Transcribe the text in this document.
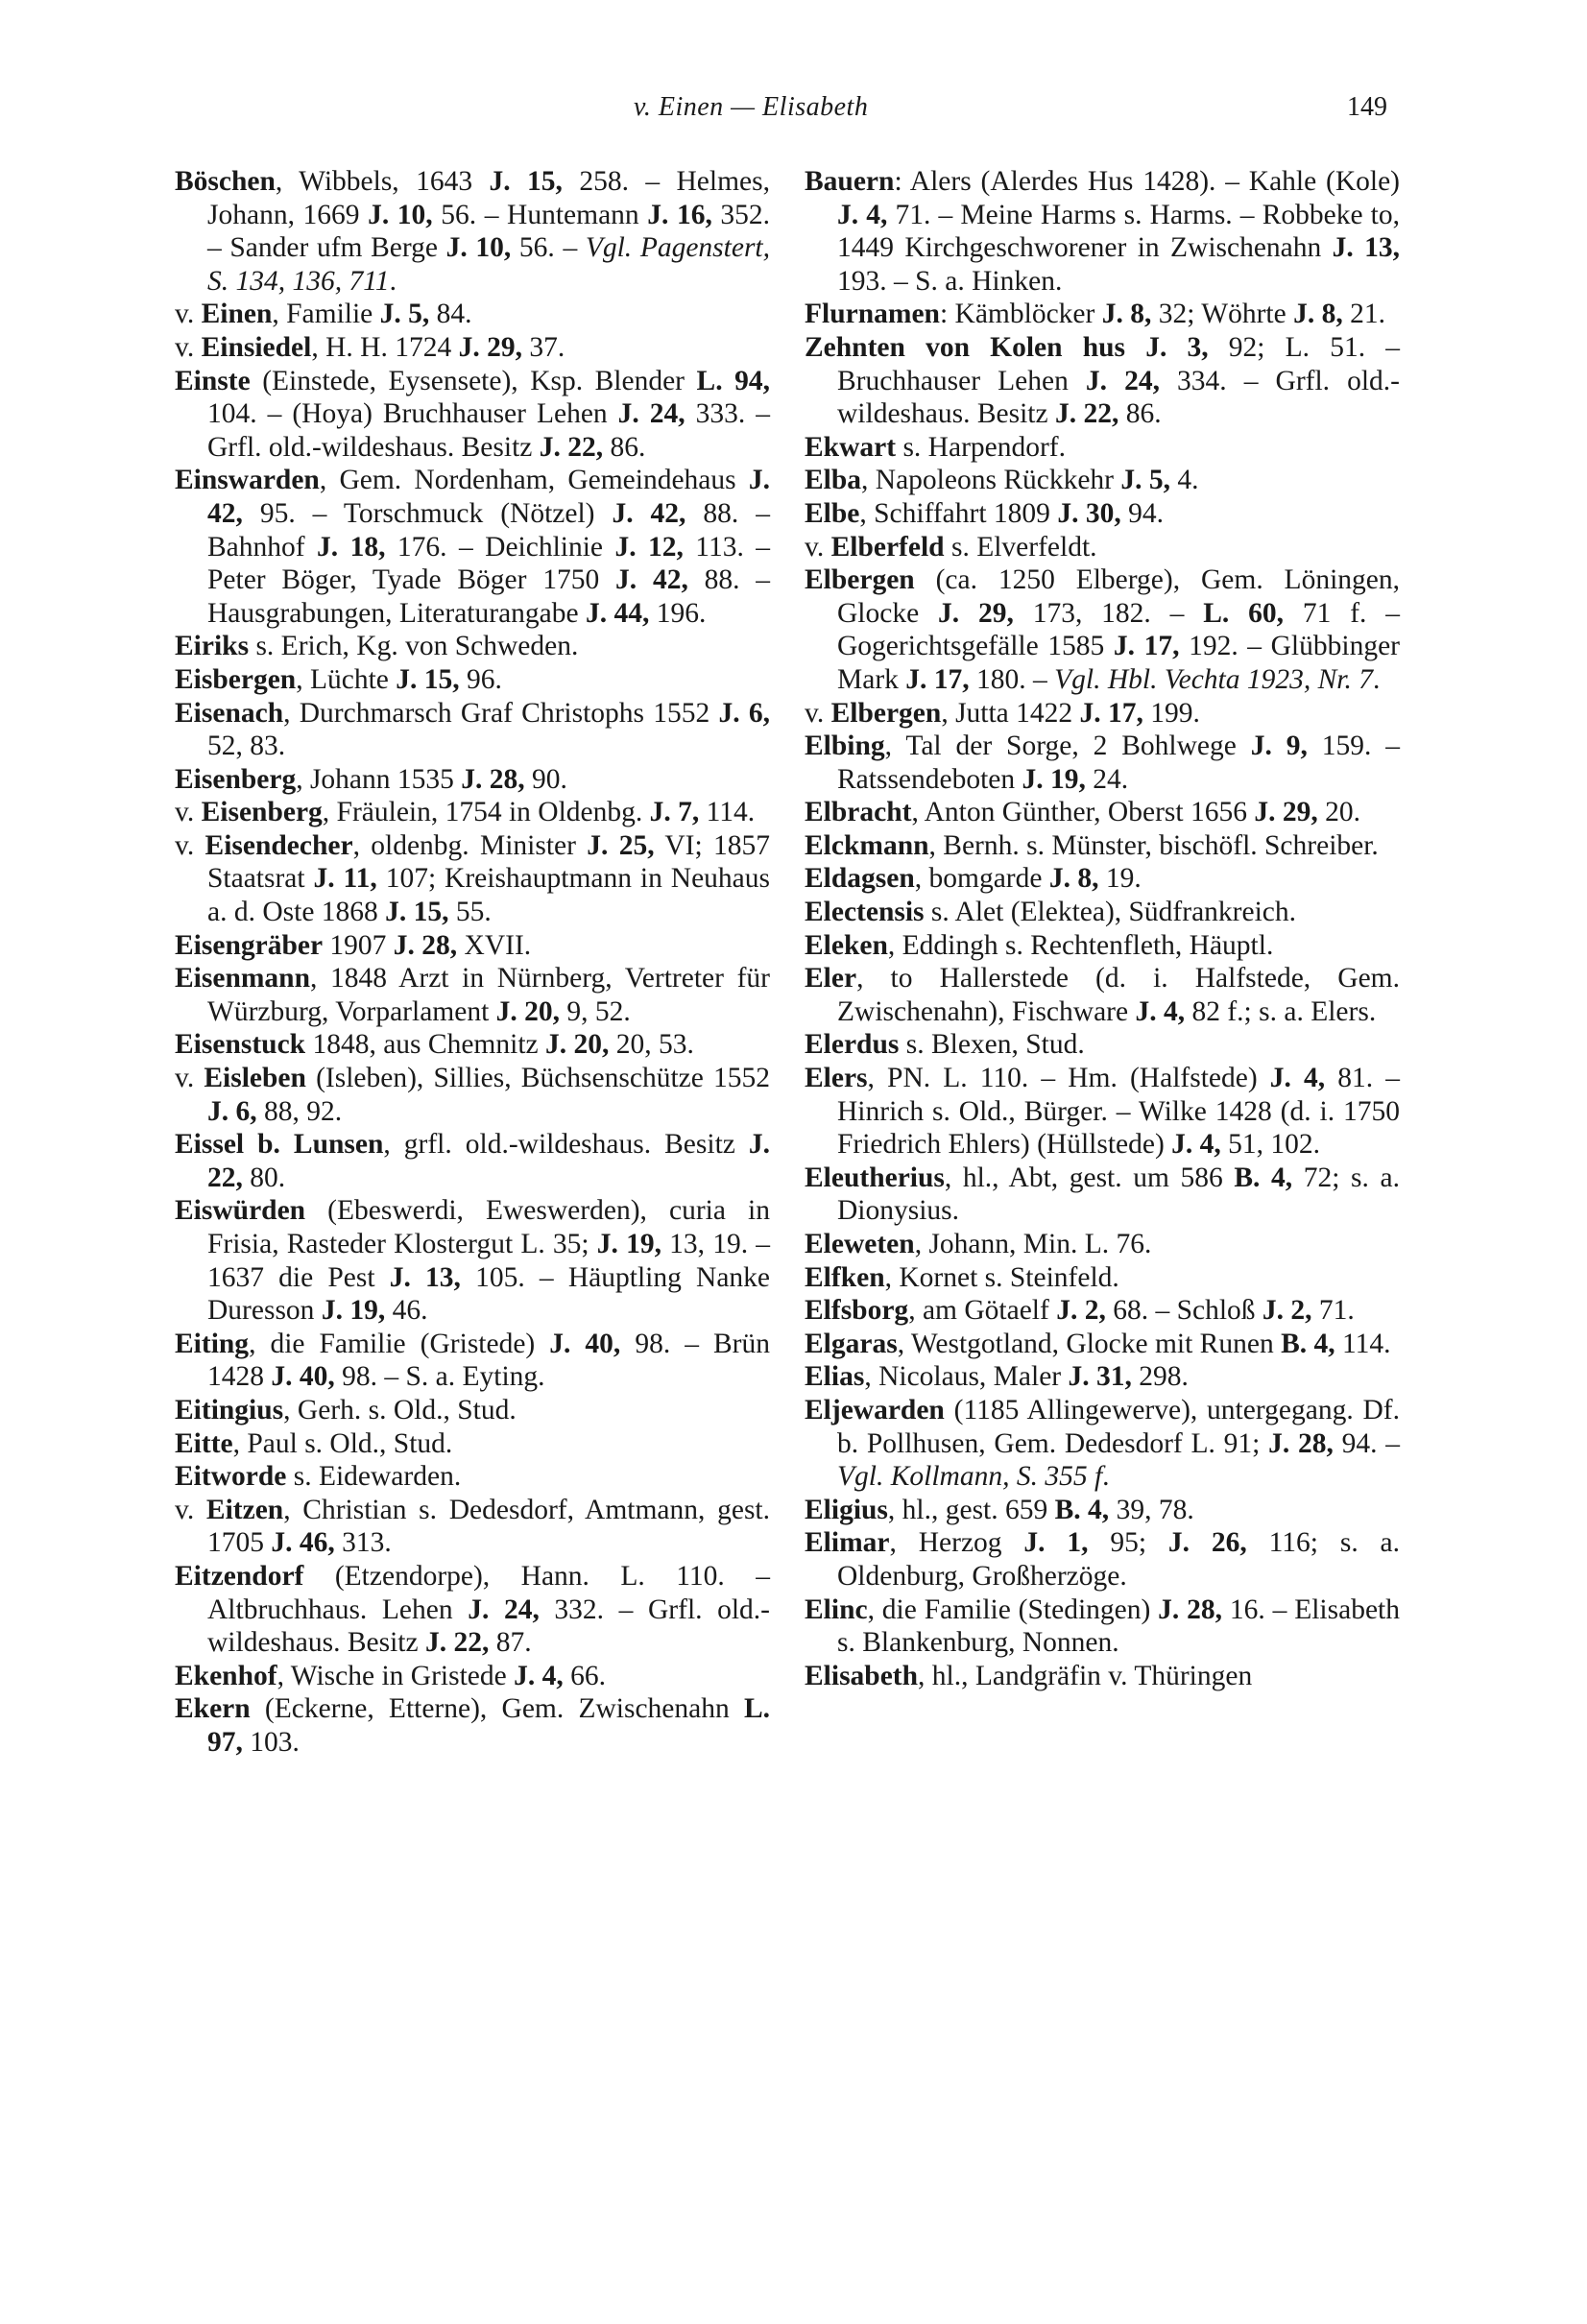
v. Einen — Elisabeth	149

Böschen, Wibbels, 1643 J. 15, 258. – Helmes, Johann, 1669 J. 10, 56. – Huntemann J. 16, 352. – Sander ufm Berge J. 10, 56. – Vgl. Pagenstert, S. 134, 136, 711.

v. Einen, Familie J. 5, 84.

v. Einsiedel, H. H. 1724 J. 29, 37.

Einste (Einstede, Eysensete), Ksp. Blender L. 94, 104. – (Hoya) Bruchhauser Lehen J. 24, 333. – Grfl. old.-wildeshaus. Besitz J. 22, 86.

Einswarden, Gem. Nordenham, Gemeindehaus J. 42, 95. – Torschmuck (Nötzel) J. 42, 88. – Bahnhof J. 18, 176. – Deichlinie J. 12, 113. – Peter Böger, Tyade Böger 1750 J. 42, 88. – Hausgrabungen, Literaturangabe J. 44, 196.

Eiriks s. Erich, Kg. von Schweden.

Eisbergen, Lüchte J. 15, 96.

Eisenach, Durchmarsch Graf Christophs 1552 J. 6, 52, 83.

Eisenberg, Johann 1535 J. 28, 90.

v. Eisenberg, Fräulein, 1754 in Oldenbg. J. 7, 114.

v. Eisendecher, oldenbg. Minister J. 25, VI; 1857 Staatsrat J. 11, 107; Kreishauptmann in Neuhaus a. d. Oste 1868 J. 15, 55.

Eisengräber 1907 J. 28, XVII.

Eisenmann, 1848 Arzt in Nürnberg, Vertreter für Würzburg, Vorparlament J. 20, 9, 52.

Eisenstuck 1848, aus Chemnitz J. 20, 20, 53.

v. Eisleben (Isleben), Sillies, Büchsenschütze 1552 J. 6, 88, 92.

Eissel b. Lunsen, grfl. old.-wildeshaus. Besitz J. 22, 80.

Eiswürden (Ebeswerdi, Eweswerden), curia in Frisia, Rasteder Klostergut L. 35; J. 19, 13, 19. – 1637 die Pest J. 13, 105. – Häuptling Nanke Duresson J. 19, 46.

Eiting, die Familie (Gristede) J. 40, 98. – Brün 1428 J. 40, 98. – S. a. Eyting.

Eitingius, Gerh. s. Old., Stud.

Eitte, Paul s. Old., Stud.

Eitworde s. Eidewarden.

v. Eitzen, Christian s. Dedesdorf, Amtmann, gest. 1705 J. 46, 313.

Eitzendorf (Etzendorpe), Hann. L. 110. – Altbruchhaus. Lehen J. 24, 332. – Grfl. old.-wildeshaus. Besitz J. 22, 87.

Ekenhof, Wische in Gristede J. 4, 66.

Ekern (Eckerne, Etterne), Gem. Zwischenahn L. 97, 103.

Bauern: Alers (Alerdes Hus 1428). – Kahle (Kole) J. 4, 71. – Meine Harms s. Harms. – Robbeke to, 1449 Kirchgeschworener in Zwischenahn J. 13, 193. – S. a. Hinken.

Flurnamen: Kämblöcker J. 8, 32; Wöhrte J. 8, 21.

Zehnten von Kolen hus J. 3, 92; L. 51. – Bruchhauser Lehen J. 24, 334. – Grfl. old.-wildeshaus. Besitz J. 22, 86.

Ekwart s. Harpendorf.

Elba, Napoleons Rückkehr J. 5, 4.

Elbe, Schiffahrt 1809 J. 30, 94.

v. Elberfeld s. Elverfeldt.

Elbergen (ca. 1250 Elberge), Gem. Löningen, Glocke J. 29, 173, 182. – L. 60, 71 f. – Gogerichtsgefälle 1585 J. 17, 192. – Glübbinger Mark J. 17, 180. – Vgl. Hbl. Vechta 1923, Nr. 7.

v. Elbergen, Jutta 1422 J. 17, 199.

Elbing, Tal der Sorge, 2 Bohlwege J. 9, 159. – Ratssendeboten J. 19, 24.

Elbracht, Anton Günther, Oberst 1656 J. 29, 20.

Elckmann, Bernh. s. Münster, bischöfl. Schreiber.

Eldagsen, bomgarde J. 8, 19.

Electensis s. Alet (Elektea), Südfrankreich.

Eleken, Eddingh s. Rechtenfleth, Häuptl.

Eler, to Hallerstede (d. i. Halfstede, Gem. Zwischenahn), Fischware J. 4, 82 f.; s. a. Elers.

Elerdus s. Blexen, Stud.

Elers, PN. L. 110. – Hm. (Halfstede) J. 4, 81. – Hinrich s. Old., Bürger. – Wilke 1428 (d. i. 1750 Friedrich Ehlers) (Hüllstede) J. 4, 51, 102.

Eleutherius, hl., Abt, gest. um 586 B. 4, 72; s. a. Dionysius.

Eleweten, Johann, Min. L. 76.

Elfken, Kornet s. Steinfeld.

Elfsborg, am Götaelf J. 2, 68. – Schloß J. 2, 71.

Elgaras, Westgotland, Glocke mit Runen B. 4, 114.

Elias, Nicolaus, Maler J. 31, 298.

Eljewarden (1185 Allingewerve), untergegang. Df. b. Pollhusen, Gem. Dedesdorf L. 91; J. 28, 94. – Vgl. Kollmann, S. 355 f.

Eligius, hl., gest. 659 B. 4, 39, 78.

Elimar, Herzog J. 1, 95; J. 26, 116; s. a. Oldenburg, Großherzöge.

Elinc, die Familie (Stedingen) J. 28, 16. – Elisabeth s. Blankenburg, Nonnen.

Elisabeth, hl., Landgräfin v. Thüringen
